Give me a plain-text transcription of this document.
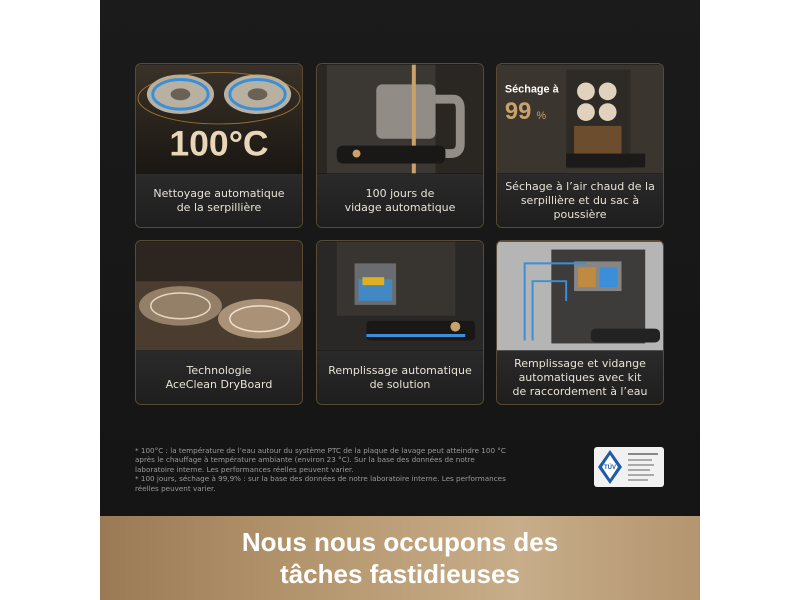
100°C
Nettoyage automatique
de la serpillière
100 jours de
vidage automatique
Séchage à
99 %
Séchage à l’air chaud de la
serpillière et du sac à poussière
Technologie
AceClean DryBoard
Remplissage automatique
de solution
Remplissage et vidange
automatiques avec kit
de raccordement à l’eau

* 100°C : la température de l’eau autour du système PTC de la plaque de lavage peut atteindre 100 °C après le chauffage à température ambiante (environ 23 °C). Sur la base des données de notre laboratoire interne. Les performances réelles peuvent varier.

* 100 jours, séchage à 99,9% : sur la base des données de notre laboratoire interne. Les performances réelles peuvent varier.

TÜV
Nous nous occupons des
tâches fastidieuses
